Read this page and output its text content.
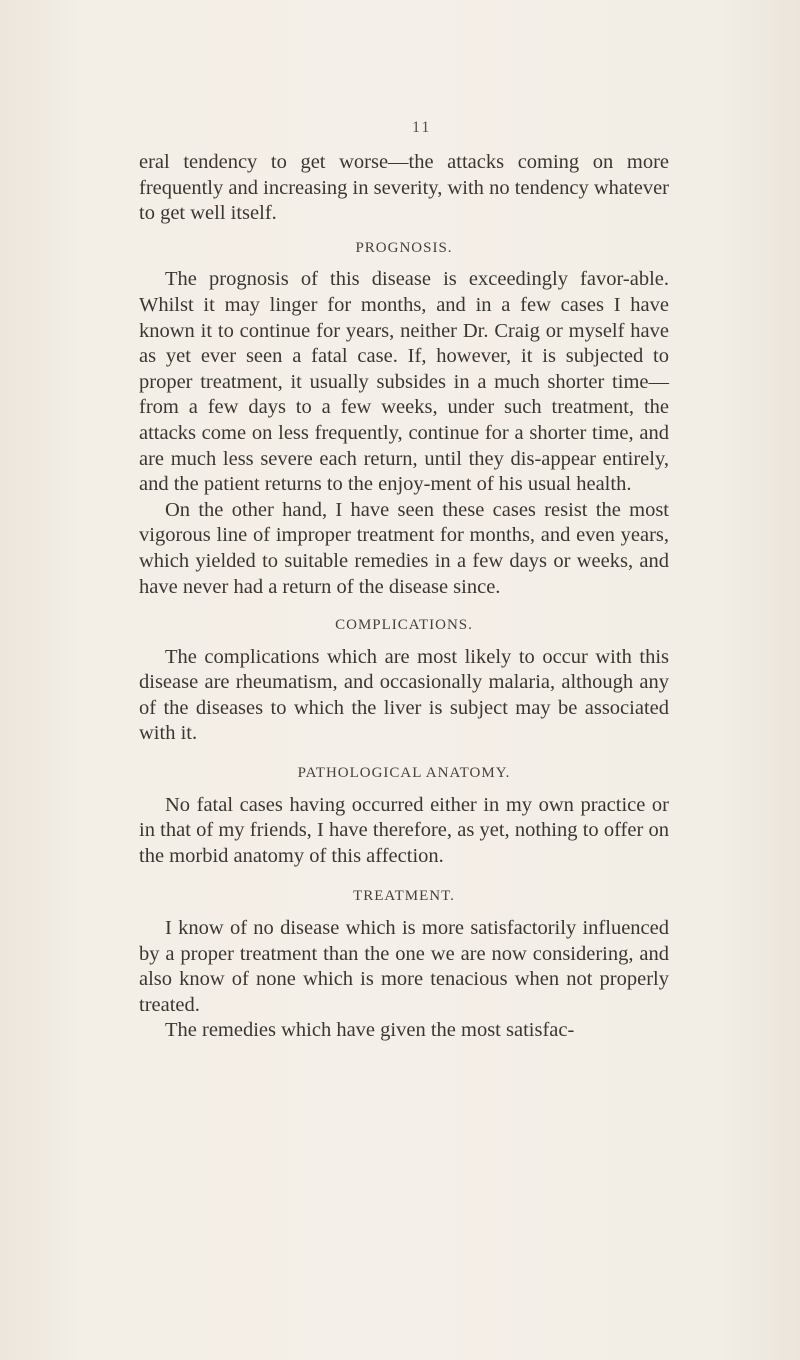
11

eral tendency to get worse—the attacks coming on more frequently and increasing in severity, with no tendency whatever to get well itself.

PROGNOSIS.

The prognosis of this disease is exceedingly favor-able. Whilst it may linger for months, and in a few cases I have known it to continue for years, neither Dr. Craig or myself have as yet ever seen a fatal case. If, however, it is subjected to proper treatment, it usually subsides in a much shorter time—from a few days to a few weeks, under such treatment, the attacks come on less frequently, continue for a shorter time, and are much less severe each return, until they dis-appear entirely, and the patient returns to the enjoy-ment of his usual health.

On the other hand, I have seen these cases resist the most vigorous line of improper treatment for months, and even years, which yielded to suitable remedies in a few days or weeks, and have never had a return of the disease since.

COMPLICATIONS.

The complications which are most likely to occur with this disease are rheumatism, and occasionally malaria, although any of the diseases to which the liver is subject may be associated with it.

PATHOLOGICAL ANATOMY.

No fatal cases having occurred either in my own practice or in that of my friends, I have therefore, as yet, nothing to offer on the morbid anatomy of this affection.

TREATMENT.

I know of no disease which is more satisfactorily influenced by a proper treatment than the one we are now considering, and also know of none which is more tenacious when not properly treated.

The remedies which have given the most satisfac-
